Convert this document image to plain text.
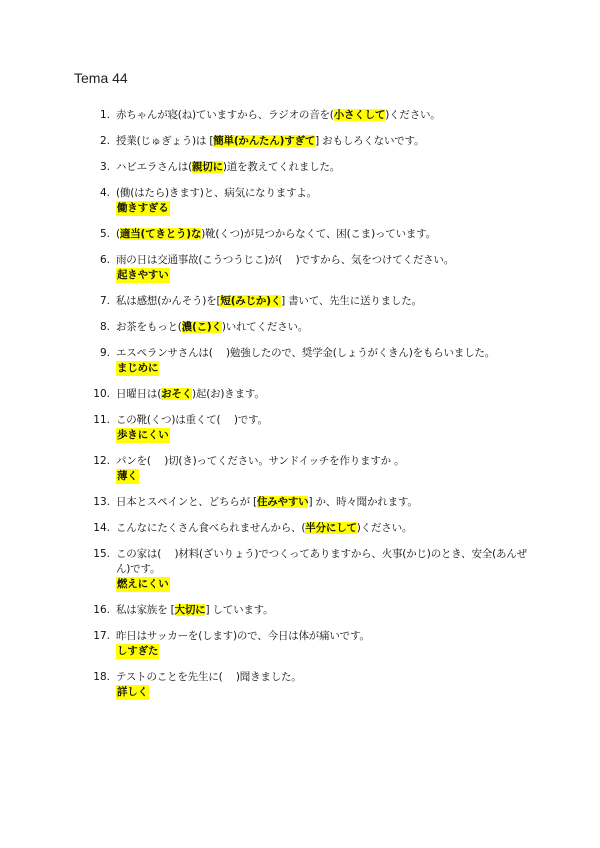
Tema 44
1. 赤ちゃんが寝(ね)ていますから、ラジオの音を(小さくして)ください。
2. 授業(じゅぎょう)は [簡単(かんたん)すぎて] おもしろくないです。
3. ハビエラさんは(親切に)道を教えてくれました。
4. (働(はたら)きます)と、病気になりますよ。
働きすぎる
5. (適当(てきとう)な)靴(くつ)が見つからなくて、困(こま)っています。
6. 雨の日は交通事故(こうつうじこ)が(　 )ですから、気をつけてください。
起きやすい
7. 私は感想(かんそう)を[短(みじか)く] 書いて、先生に送りました。
8. お茶をもっと(濃(こ)く)いれてください。
9. エスペランサさんは(　 )勉強したので、奨学金(しょうがくきん)をもらいました。
まじめに
10. 日曜日は(おそく)起(お)きます。
11. この靴(くつ)は重くて(　 )です。
歩きにくい
12. パンを(　 )切(き)ってください。サンドイッチを作りますか 。
薄く
13. 日本とスペインと、どちらが [住みやすい] か、時々聞かれます。
14. こんなにたくさん食べられませんから、(半分にして)ください。
15. この家は(　 )材料(ざいりょう)でつくってありますから、火事(かじ)のとき、安全(あんぜ
ん)です。
燃えにくい
16. 私は家族を [大切に] しています。
17. 昨日はサッカーを(します)ので、今日は体が痛いです。
しすぎた
18. テストのことを先生に(　 )聞きました。
詳しく
